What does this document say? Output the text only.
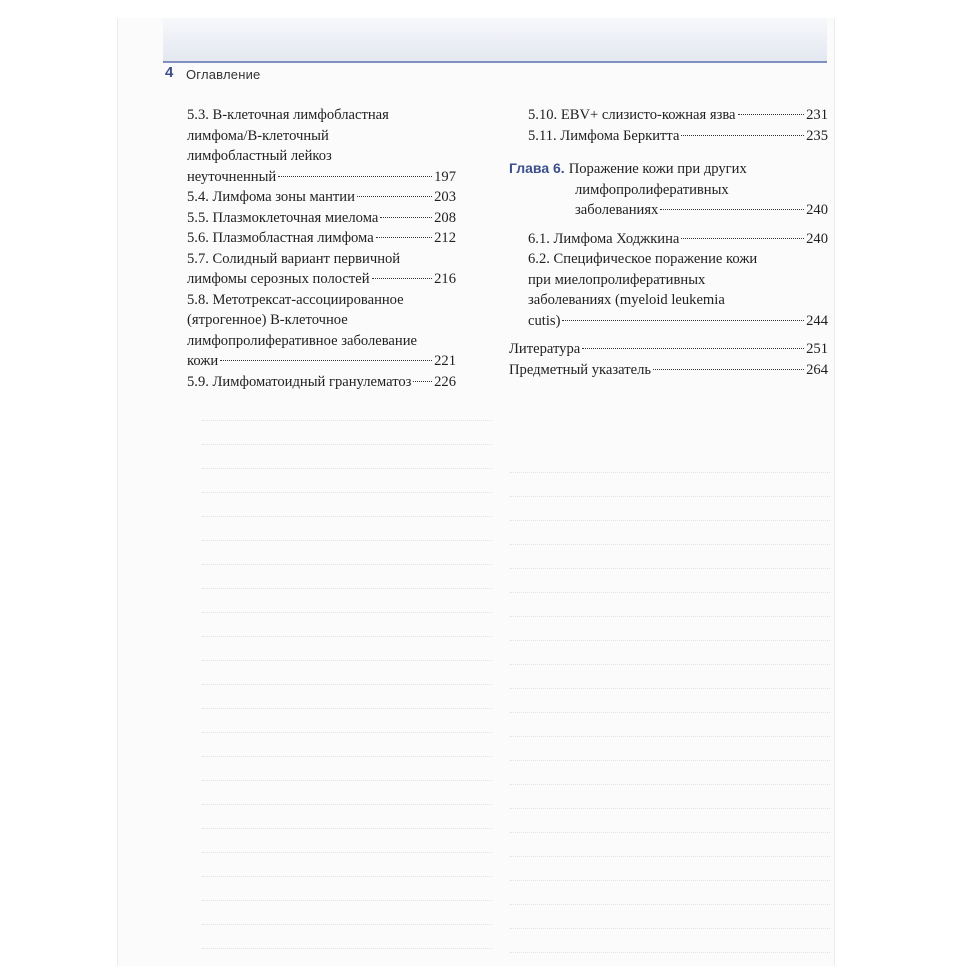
4 Оглавление

5.3. В-клеточная лимфобластная
лимфома/В-клеточный
лимфобластный лейкоз
неуточненный	197
5.4. Лимфома зоны мантии	203
5.5. Плазмоклеточная миелома	208
5.6. Плазмобластная лимфома	212
5.7. Солидный вариант первичной
лимфомы серозных полостей	216
5.8. Метотрексат-ассоциированное
(ятрогенное) В-клеточное
лимфопролиферативное заболевание
кожи	221
5.9. Лимфоматоидный гранулематоз 226
5.10. EBV+ слизисто-кожная язва	231
5.11. Лимфома Беркитта	235
Глава 6. Поражение кожи при других
лимфопролиферативных
заболеваниях	240
6.1. Лимфома Ходжкина	240
6.2. Специфическое поражение кожи
при миелопролиферативных
заболеваниях (myeloid leukemia
cutis)	244
Литература	251
Предметный указатель	264
